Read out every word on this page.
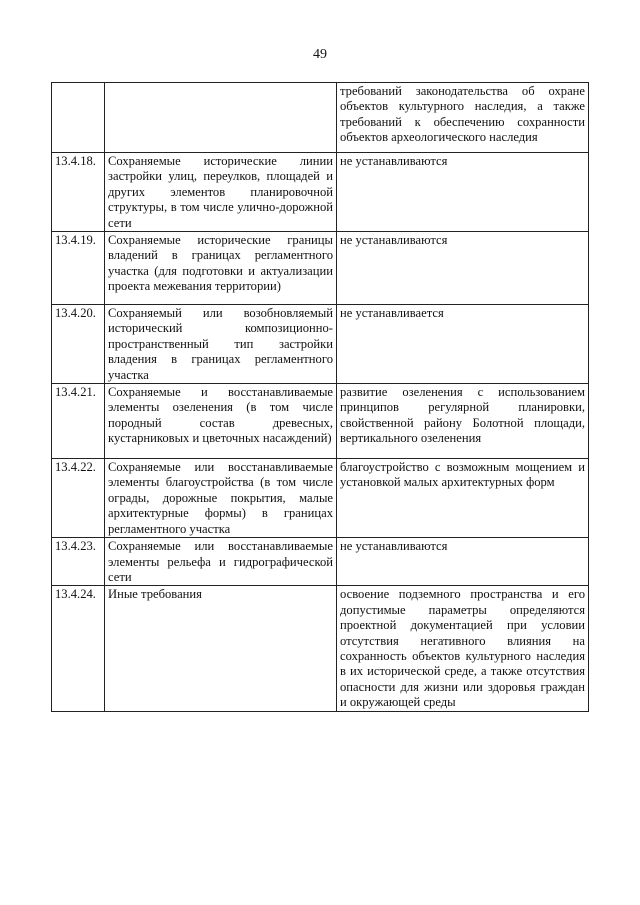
49
		требований законодательства об охране объектов культурного наследия, а также требований к обеспечению сохранности объектов археологического наследия
13.4.18.	Сохраняемые исторические линии застройки улиц, переулков, площадей и других элементов планировочной структуры, в том числе улично-дорожной сети	не устанавливаются
13.4.19.	Сохраняемые исторические границы владений в границах регламентного участка (для подготовки и актуализации проекта межевания территории)	не устанавливаются
13.4.20.	Сохраняемый или возобновляемый исторический композиционно-пространственный тип застройки владения в границах регламентного участка	не устанавливается
13.4.21.	Сохраняемые и восстанавливаемые элементы озеленения (в том числе породный состав древесных, кустарниковых и цветочных насаждений)	развитие озеленения с использованием принципов регулярной планировки, свойственной району Болотной площади, вертикального озеленения
13.4.22.	Сохраняемые или восстанавливаемые элементы благоустройства (в том числе ограды, дорожные покрытия, малые архитектурные формы) в границах регламентного участка	благоустройство с возможным мощением и установкой малых архитектурных форм
13.4.23.	Сохраняемые или восстанавливаемые элементы рельефа и гидрографической сети	не устанавливаются
13.4.24.	Иные требования	освоение подземного пространства и его допустимые параметры определяются проектной документацией при условии отсутствия негативного влияния на сохранность объектов культурного наследия в их исторической среде, а также отсутствия опасности для жизни или здоровья граждан и окружающей среды
